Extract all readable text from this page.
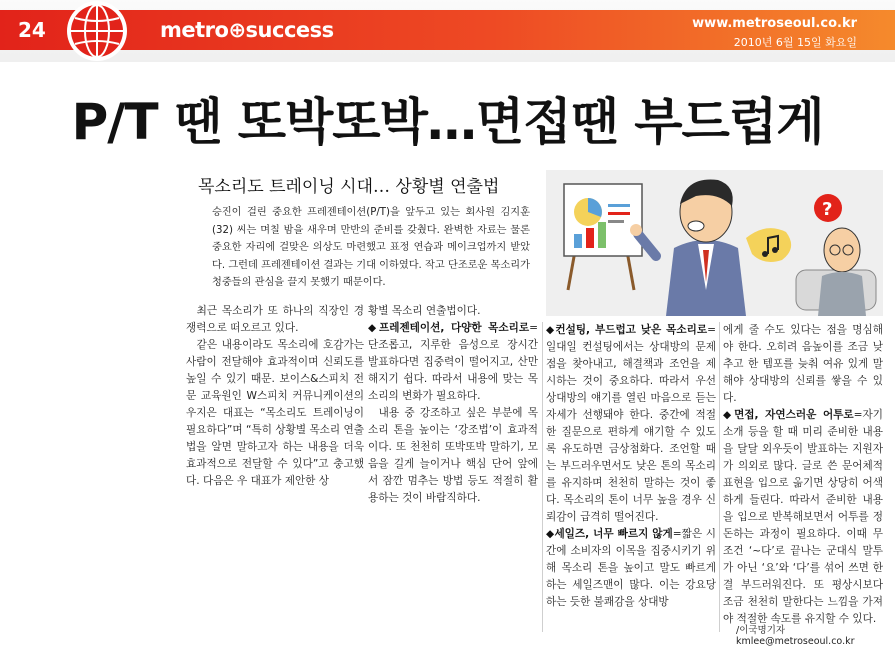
24	metro⊕success	www.metroseoul.co.kr
2010년 6월 15일 화요일
P/T 땐 또박또박…면접땐 부드럽게
목소리도 트레이닝 시대… 상황별 연출법

승진이 걸린 중요한 프레젠테이션(P/T)을 앞두고 있는 회사원 김지훈(32) 씨는 며칠 밤을 새우며 만반의 준비를 갖췄다. 완벽한 자료는 물론 중요한 자리에 걸맞은 의상도 마련했고 표정 연습과 메이크업까지 받았다. 그런데 프레젠테이션 결과는 기대 이하였다. 작고 단조로운 목소리가 청중들의 관심을 끌지 못했기 때문이다.

?

최근 목소리가 또 하나의 직장인 경쟁력으로 떠오르고 있다.

같은 내용이라도 목소리에 호감가는 사람이 전달해야 효과적이며 신뢰도를 높일 수 있기 때문. 보이스&스피치 전문 교육원인 W스피치 커뮤니케이션의 우지은 대표는 “목소리도 트레이닝이 필요하다”며 “특히 상황별 목소리 연출법을 알면 말하고자 하는 내용을 더욱 효과적으로 전달할 수 있다”고 충고했다. 다음은 우 대표가 제안한 상

황별 목소리 연출법이다.

◆프레젠테이션, 다양한 목소리로=단조롭고, 지루한 음성으로 장시간 발표하다면 집중력이 떨어지고, 산만해지기 쉽다. 따라서 내용에 맞는 목소리의 변화가 필요하다.

내용 중 강조하고 싶은 부분에 목소리 톤을 높이는 ‘강조법’이 효과적이다. 또 천천히 또박또박 말하기, 모음을 길게 늘이거나 핵심 단어 앞에서 잠깐 멈추는 방법 등도 적절히 활용하는 것이 바람직하다.

◆컨설팅, 부드럽고 낮은 목소리로=일대일 컨설팅에서는 상대방의 문제점을 찾아내고, 해결책과 조언을 제시하는 것이 중요하다. 따라서 우선 상대방의 얘기를 열린 마음으로 듣는 자세가 선행돼야 한다. 중간에 적절한 질문으로 편하게 얘기할 수 있도록 유도하면 금상첨화다. 조언할 때는 부드러우면서도 낮은 톤의 목소리를 유지하며 천천히 말하는 것이 좋다. 목소리의 톤이 너무 높을 경우 신뢰감이 급격히 떨어진다.

◆세일즈, 너무 빠르지 않게=짧은 시간에 소비자의 이목을 집중시키기 위해 목소리 톤을 높이고 말도 빠르게 하는 세일즈맨이 많다. 이는 강요당하는 듯한 불쾌감을 상대방

에게 줄 수도 있다는 점을 명심해야 한다. 오히려 음높이를 조금 낮추고 한 템포를 늦춰 여유 있게 말해야 상대방의 신뢰를 쌓을 수 있다.

◆면접, 자연스러운 어투로=자기소개 등을 할 때 미리 준비한 내용을 달달 외우듯이 발표하는 지원자가 의외로 많다. 글로 쓴 문어체적 표현을 입으로 옮기면 상당히 어색하게 들린다. 따라서 준비한 내용을 입으로 반복해보면서 어투를 정돈하는 과정이 필요하다. 이때 무조건 ‘~다’로 끝나는 군대식 말투가 아닌 ‘요’와 ‘다’를 섞어 쓰면 한결 부드러워진다. 또 평상시보다 조금 천천히 말한다는 느낌을 가져야 적절한 속도를 유지할 수 있다.

/이국명기자 kmlee@metroseoul.co.kr
